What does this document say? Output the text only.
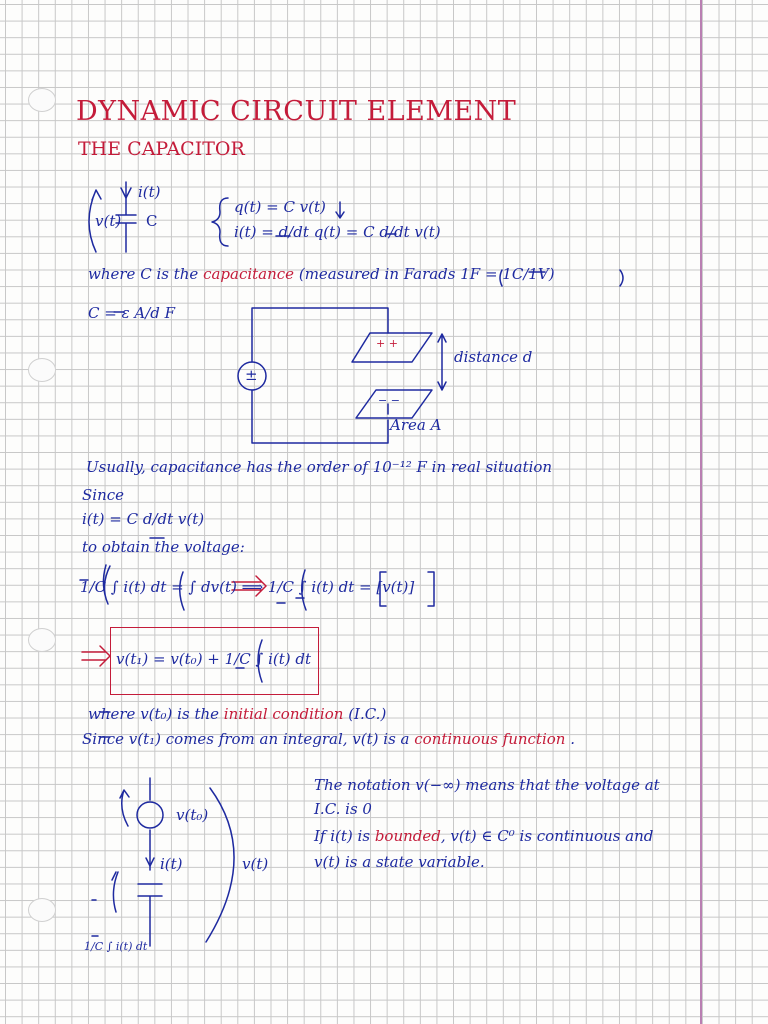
DYNAMIC CIRCUIT ELEMENT
THE CAPACITOR
i(t)
v(t) C
q(t) = C v(t)
i(t) = d/dt q(t) = C d/dt v(t)
where C is the capacitance (measured in Farads 1F = 1C/1V)
C = ε A/d F
+ +
− −
±
distance d
Area A
Usually, capacitance has the order of 10⁻¹² F in real situation
Since
i(t) = C d/dt v(t)
to obtain the voltage:
1/C ∫ i(t) dt = ∫ dv(t) ⟹ 1/C ∫ i(t) dt = [v(t)]
v(t₁) = v(t₀) + 1/C ∫ i(t) dt
where v(t₀) is the initial condition (I.C.)
Since v(t₁) comes from an integral, v(t) is a continuous function .
v(t₀)
i(t)	v(t)
1/C ∫ i(t) dt
The notation v(−∞) means that the voltage at
I.C. is 0
If i(t) is bounded, v(t) ∈ C⁰ is continuous and
v(t) is a state variable.
